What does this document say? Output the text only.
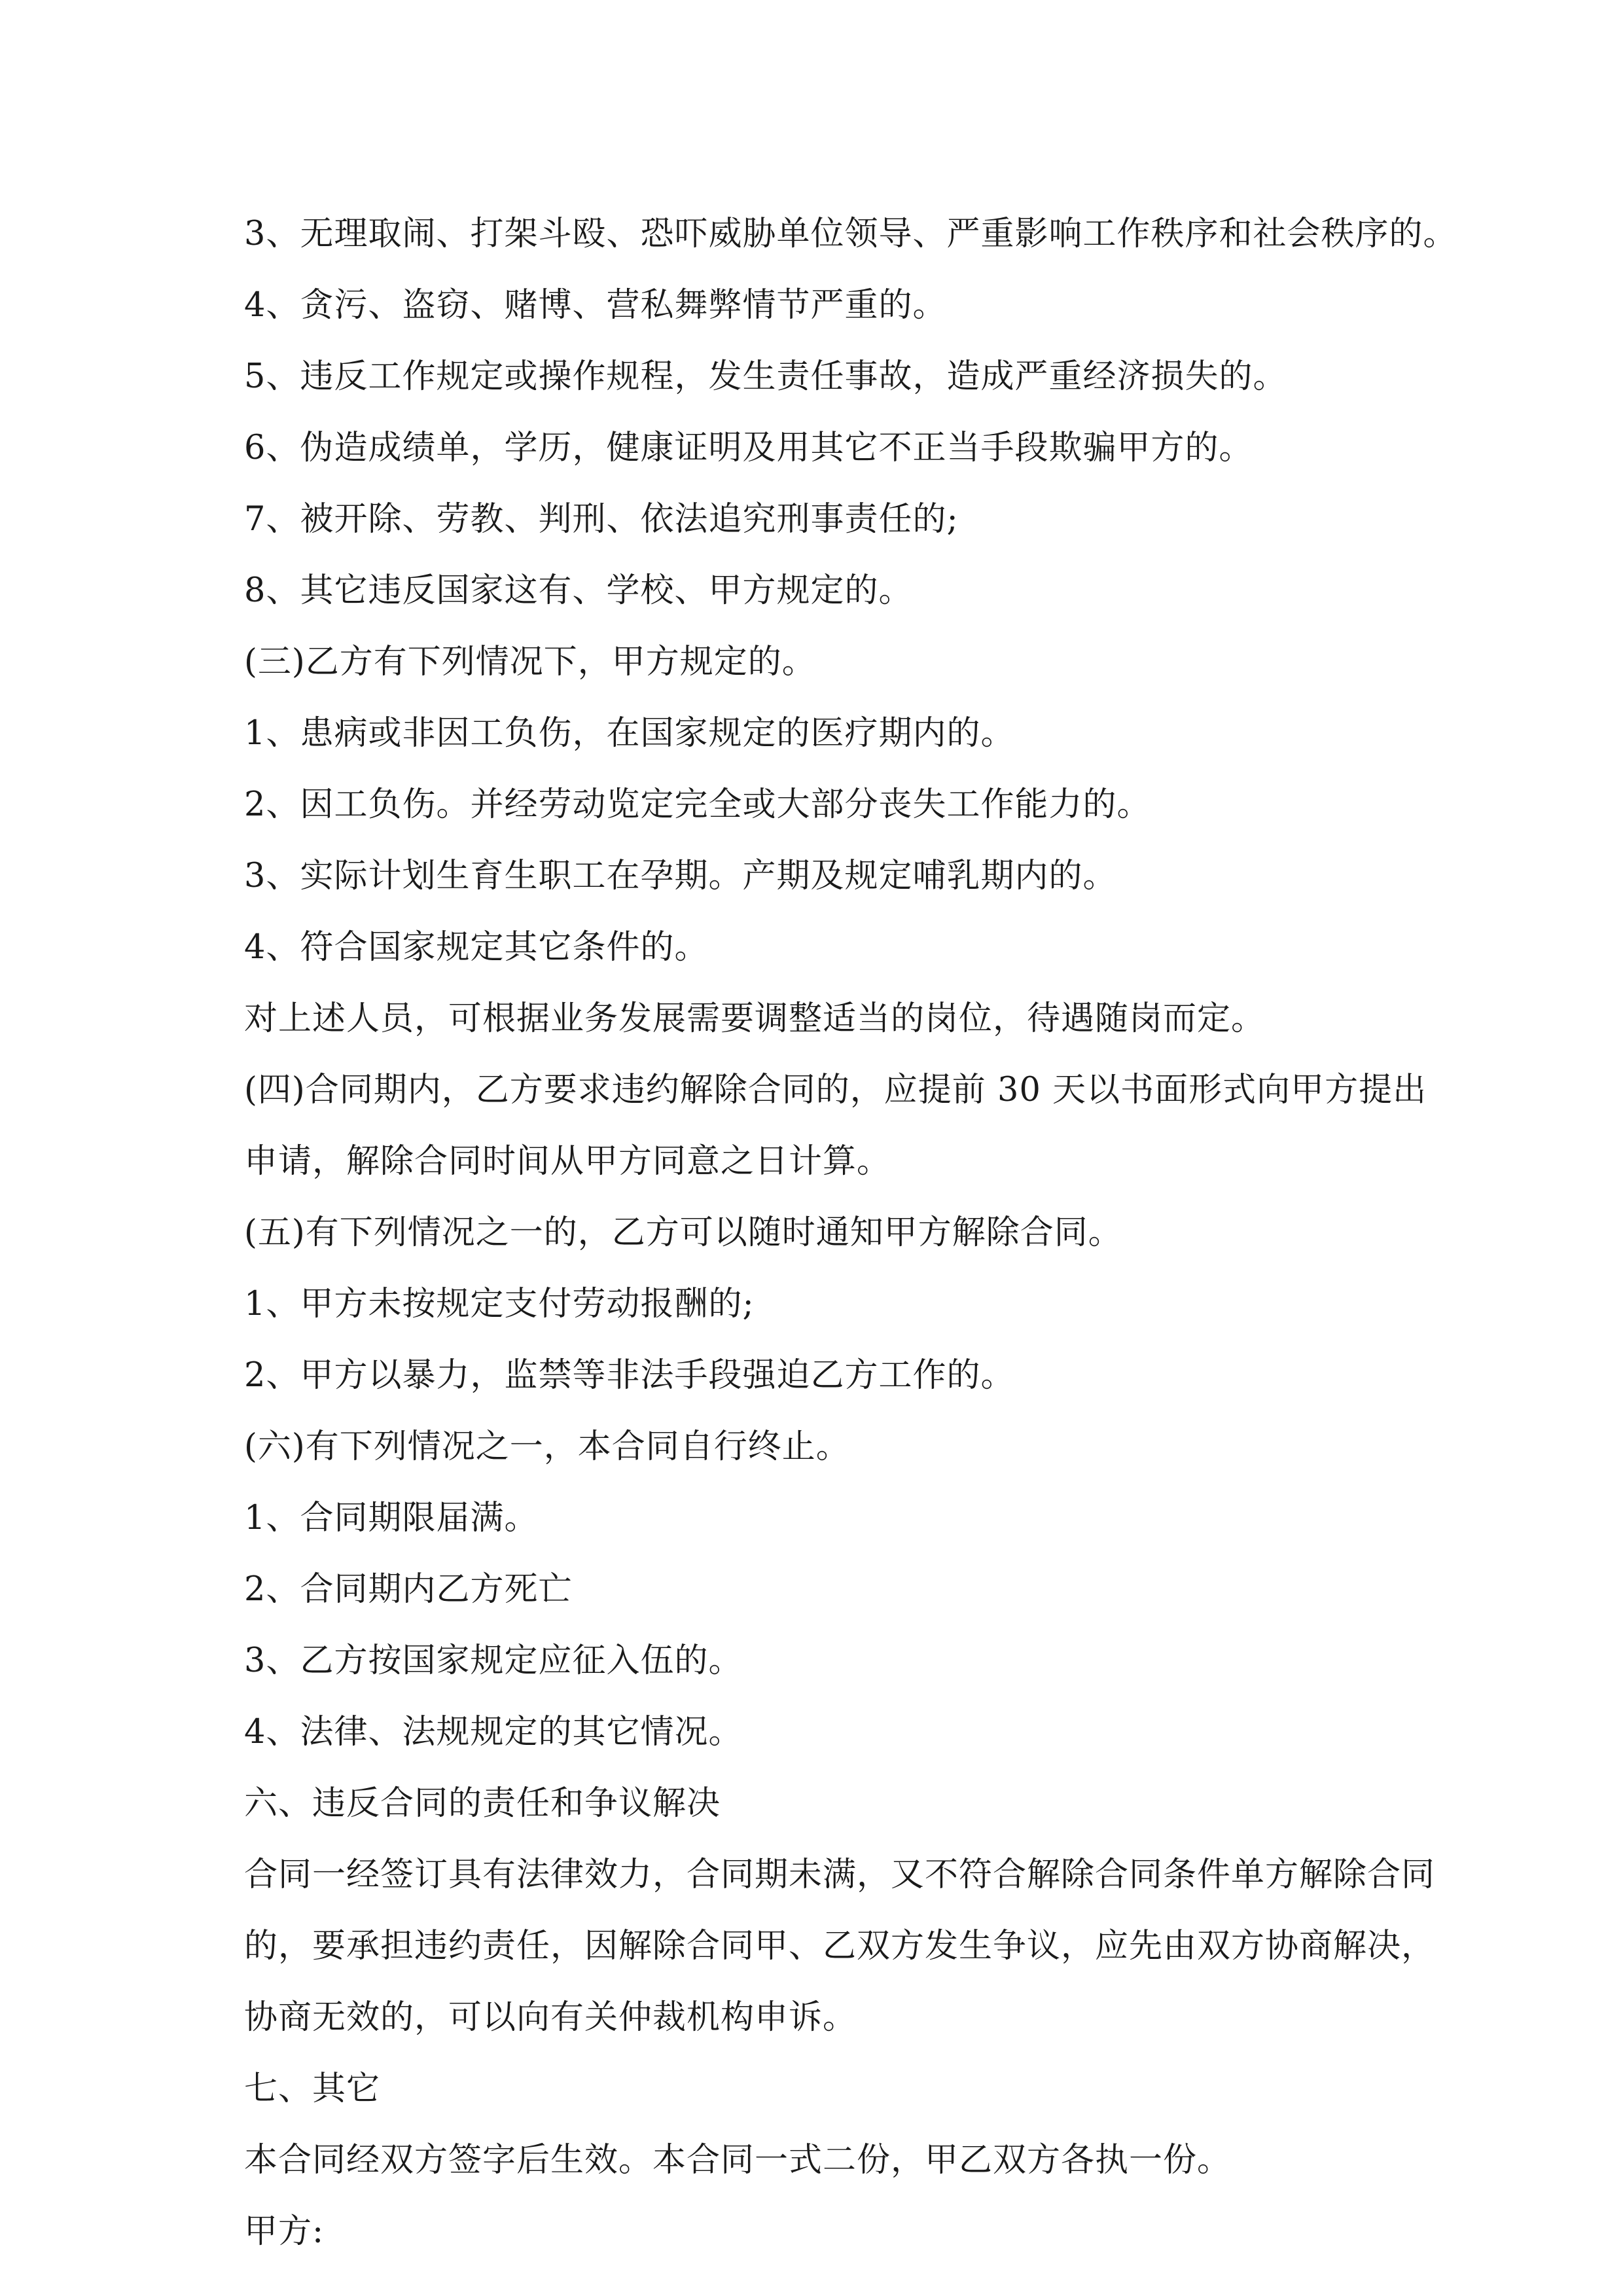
3、无理取闹、打架斗殴、恐吓威胁单位领导、严重影响工作秩序和社会秩序的。
4、贪污、盗窃、赌博、营私舞弊情节严重的。
5、违反工作规定或操作规程，发生责任事故，造成严重经济损失的。
6、伪造成绩单，学历，健康证明及用其它不正当手段欺骗甲方的。
7、被开除、劳教、判刑、依法追究刑事责任的;
8、其它违反国家这有、学校、甲方规定的。
(三)乙方有下列情况下，甲方规定的。
1、患病或非因工负伤，在国家规定的医疗期内的。
2、因工负伤。并经劳动览定完全或大部分丧失工作能力的。
3、实际计划生育生职工在孕期。产期及规定哺乳期内的。
4、符合国家规定其它条件的。
对上述人员，可根据业务发展需要调整适当的岗位，待遇随岗而定。
(四)合同期内，乙方要求违约解除合同的，应提前 30 天以书面形式向甲方提出
申请，解除合同时间从甲方同意之日计算。
(五)有下列情况之一的，乙方可以随时通知甲方解除合同。
1、甲方未按规定支付劳动报酬的;
2、甲方以暴力，监禁等非法手段强迫乙方工作的。
(六)有下列情况之一，本合同自行终止。
1、合同期限届满。
2、合同期内乙方死亡
3、乙方按国家规定应征入伍的。
4、法律、法规规定的其它情况。
六、违反合同的责任和争议解决
合同一经签订具有法律效力，合同期未满，又不符合解除合同条件单方解除合同
的，要承担违约责任，因解除合同甲、乙双方发生争议，应先由双方协商解决，
协商无效的，可以向有关仲裁机构申诉。
七、其它
本合同经双方签字后生效。本合同一式二份，甲乙双方各执一份。
甲方:
